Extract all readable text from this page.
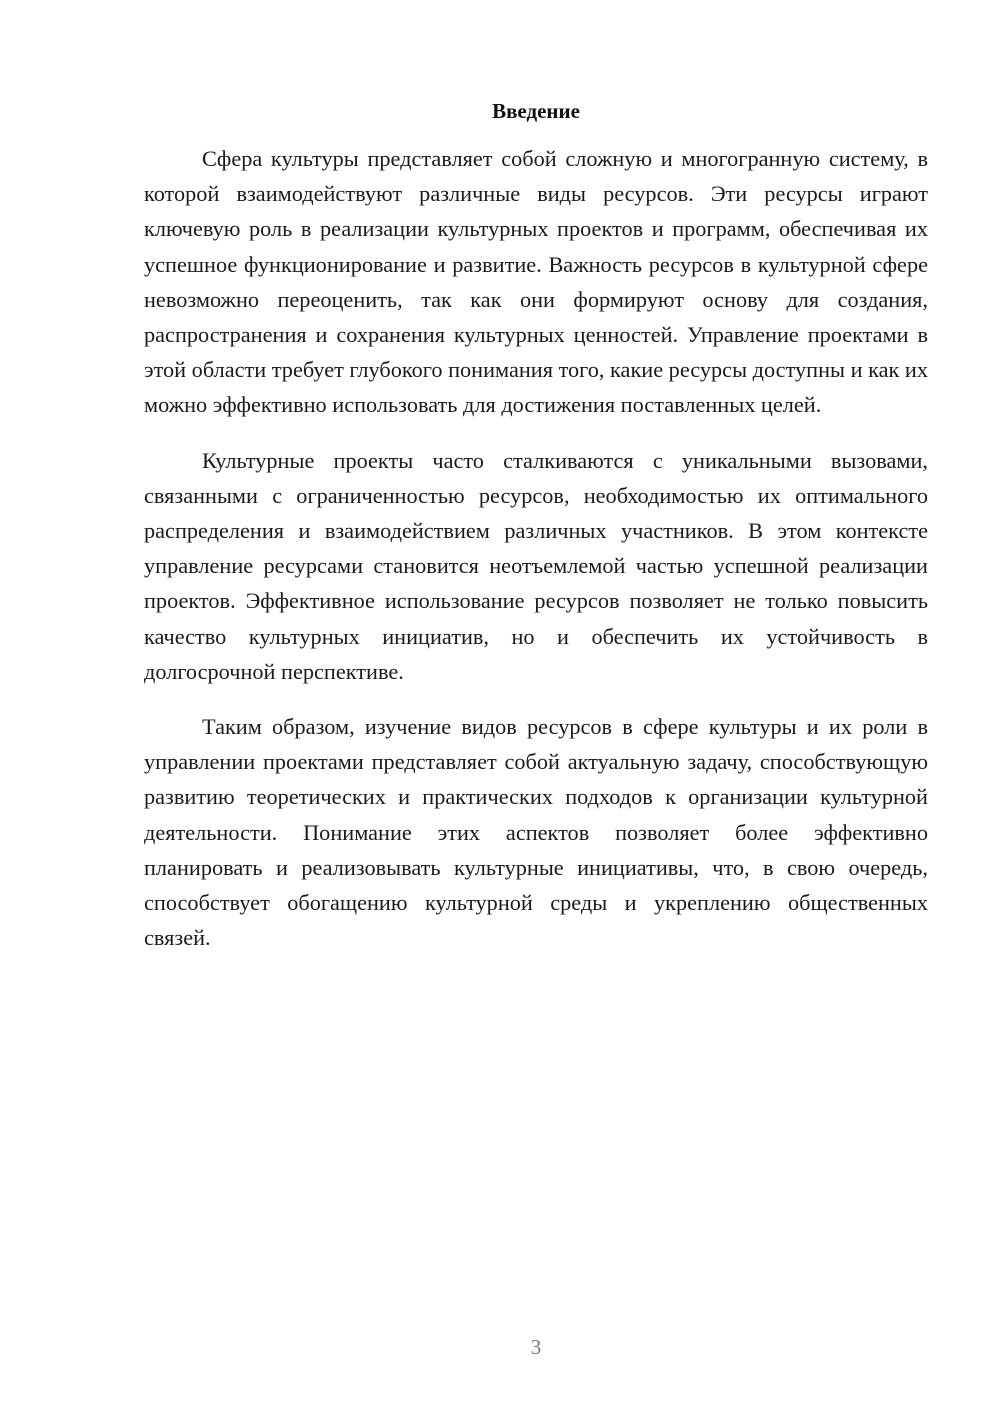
Введение

Сфера культуры представляет собой сложную и многогранную систему, в которой взаимодействуют различные виды ресурсов. Эти ресурсы играют ключевую роль в реализации культурных проектов и программ, обеспечивая их успешное функционирование и развитие. Важность ресурсов в культурной сфере невозможно переоценить, так как они формируют основу для создания, распространения и сохранения культурных ценностей. Управление проектами в этой области требует глубокого понимания того, какие ресурсы доступны и как их можно эффективно использовать для достижения поставленных целей.

Культурные проекты часто сталкиваются с уникальными вызовами, связанными с ограниченностью ресурсов, необходимостью их оптимального распределения и взаимодействием различных участников. В этом контексте управление ресурсами становится неотъемлемой частью успешной реализации проектов. Эффективное использование ресурсов позволяет не только повысить качество культурных инициатив, но и обеспечить их устойчивость в долгосрочной перспективе.

Таким образом, изучение видов ресурсов в сфере культуры и их роли в управлении проектами представляет собой актуальную задачу, способствующую развитию теоретических и практических подходов к организации культурной деятельности. Понимание этих аспектов позволяет более эффективно планировать и реализовывать культурные инициативы, что, в свою очередь, способствует обогащению культурной среды и укреплению общественных связей.

3
